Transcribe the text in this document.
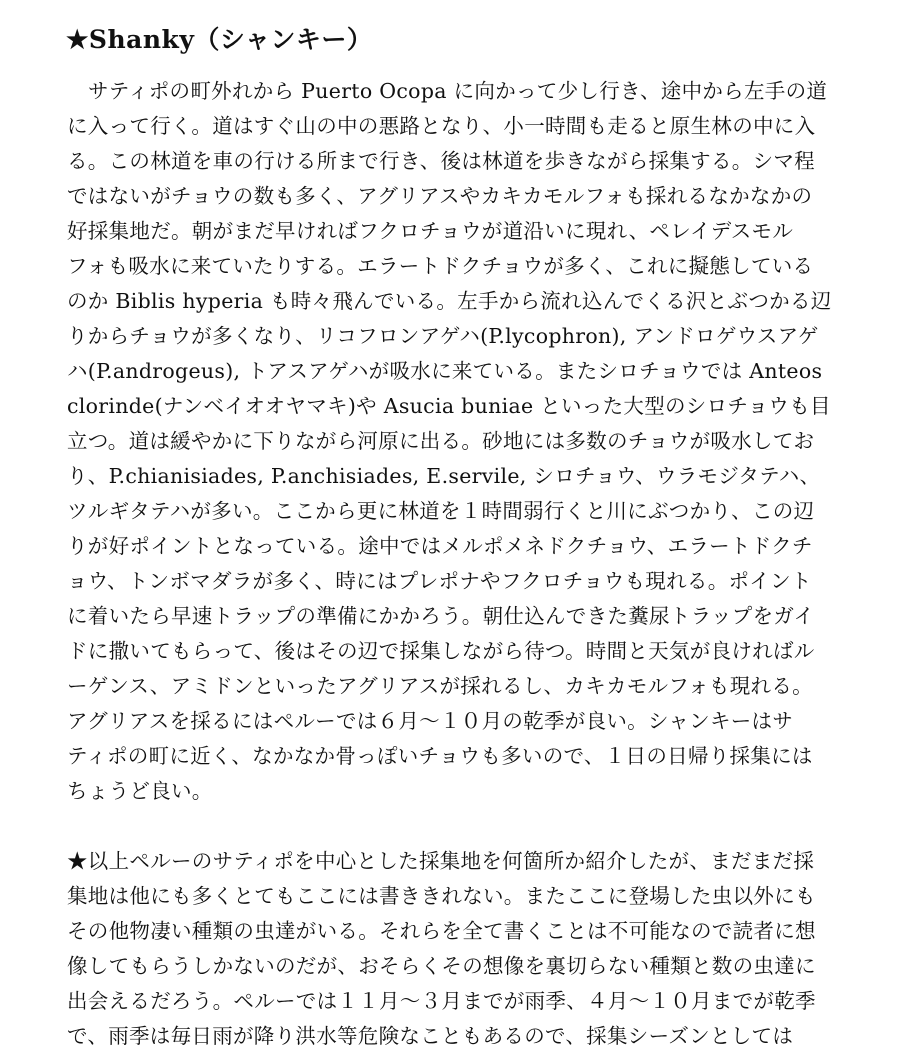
★Shanky（シャンキー）
サティポの町外れから Puerto Ocopa に向かって少し行き、途中から左手の道
に入って行く。道はすぐ山の中の悪路となり、小一時間も走ると原生林の中に入
る。この林道を車の行ける所まで行き、後は林道を歩きながら採集する。シマ程
ではないがチョウの数も多く、アグリアスやカキカモルフォも採れるなかなかの
好採集地だ。朝がまだ早ければフクロチョウが道沿いに現れ、ペレイデスモル
フォも吸水に来ていたりする。エラートドクチョウが多く、これに擬態している
のか Biblis hyperia も時々飛んでいる。左手から流れ込んでくる沢とぶつかる辺
りからチョウが多くなり、リコフロンアゲハ(P.lycophron), アンドロゲウスアゲ
ハ(P.androgeus), トアスアゲハが吸水に来ている。またシロチョウでは Anteos
clorinde(ナンベイオオヤマキ)や Asucia buniae といった大型のシロチョウも目
立つ。道は緩やかに下りながら河原に出る。砂地には多数のチョウが吸水してお
り、P.chianisiades, P.anchisiades, E.servile, シロチョウ、ウラモジタテハ、
ツルギタテハが多い。ここから更に林道を１時間弱行くと川にぶつかり、この辺
りが好ポイントとなっている。途中ではメルポメネドクチョウ、エラートドクチ
ョウ、トンボマダラが多く、時にはプレポナやフクロチョウも現れる。ポイント
に着いたら早速トラップの準備にかかろう。朝仕込んできた糞尿トラップをガイ
ドに撒いてもらって、後はその辺で採集しながら待つ。時間と天気が良ければル
ーゲンス、アミドンといったアグリアスが採れるし、カキカモルフォも現れる。
アグリアスを採るにはペルーでは６月～１０月の乾季が良い。シャンキーはサ
ティポの町に近く、なかなか骨っぽいチョウも多いので、１日の日帰り採集には
ちょうど良い。
★以上ペルーのサティポを中心とした採集地を何箇所か紹介したが、まだまだ採
集地は他にも多くとてもここには書ききれない。またここに登場した虫以外にも
その他物凄い種類の虫達がいる。それらを全て書くことは不可能なので読者に想
像してもらうしかないのだが、おそらくその想像を裏切らない種類と数の虫達に
出会えるだろう。ペルーでは１１月～３月までが雨季、４月～１０月までが乾季
で、雨季は毎日雨が降り洪水等危険なこともあるので、採集シーズンとしては
